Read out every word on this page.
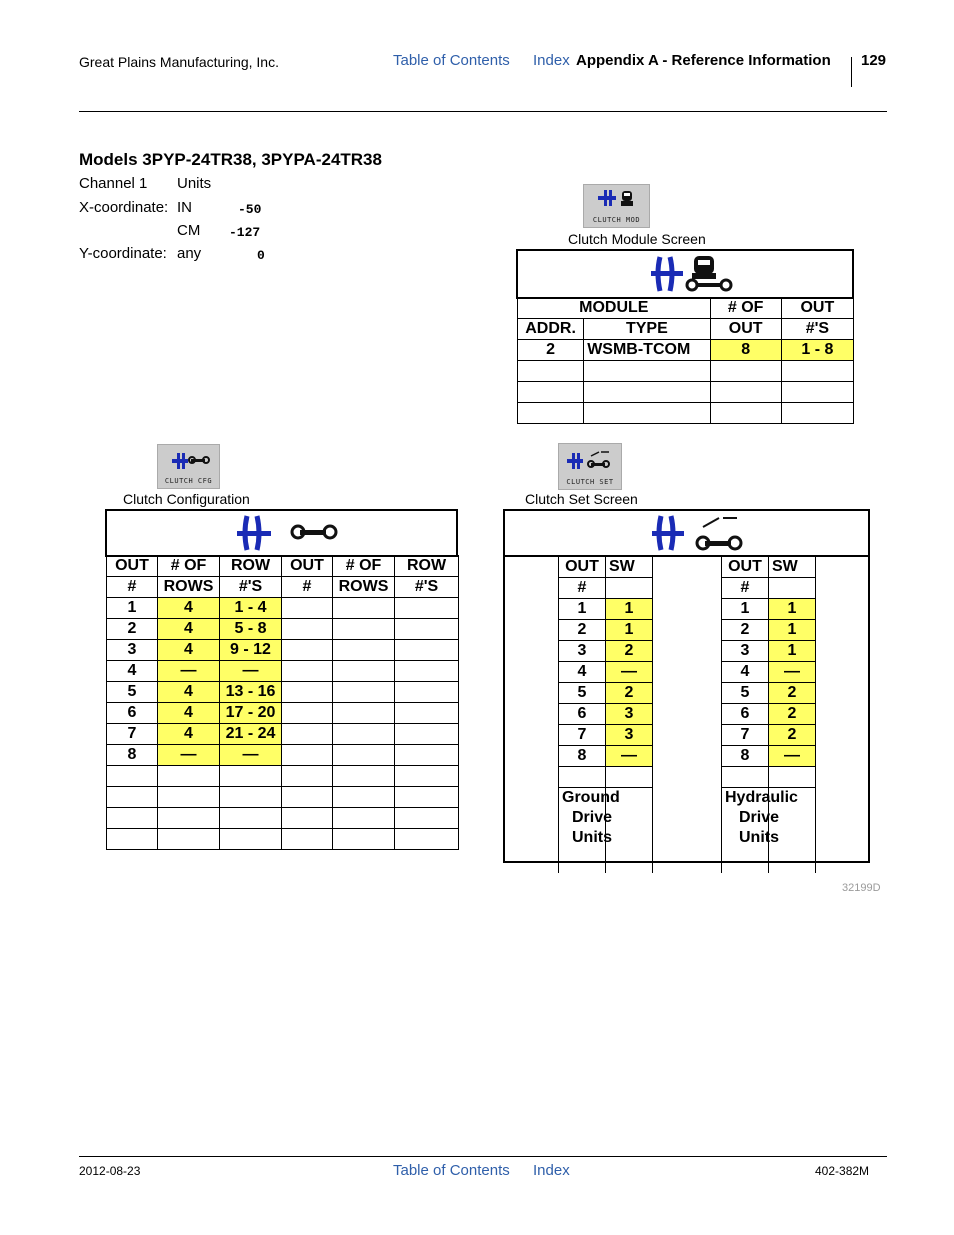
Great Plains Manufacturing, Inc.	Table of Contents Index Appendix A - Reference Information 129
Models 3PYP-24TR38, 3PYPA-24TR38
Channel 1 Units
X-coordinate: IN	-50
CM -127
Y-coordinate: any	0
CLUTCH MOD
Clutch Module Screen
MODULE		# OF	OUT
ADDR.	TYPE	OUT	#'S
2	WSMB-TCOM	8	1 - 8

CLUTCH CFG
Clutch Configuration
OUT	# OF	ROW	OUT	# OF	ROW
#	ROWS	#'S	#	ROWS	#'S
1	4	1 - 4			
2	4	5 - 8			
3	4	9 - 12			
4	—	—			
5	4	13 - 16			
6	4	17 - 20			
7	4	21 - 24			
8	—	—			

CLUTCH SET
Clutch Set Screen
OUT	SW
#	
1	1
2	1
3	2
4	—
5	2
6	3
7	3
8	—

Ground
Drive
Units	

OUT	SW
#	
1	1
2	1
3	1
4	—
5	2
6	2
7	2
8	—

Hydraulic
Drive
Units	

32199D
2012-08-23	Table of Contents Index	402-382M
